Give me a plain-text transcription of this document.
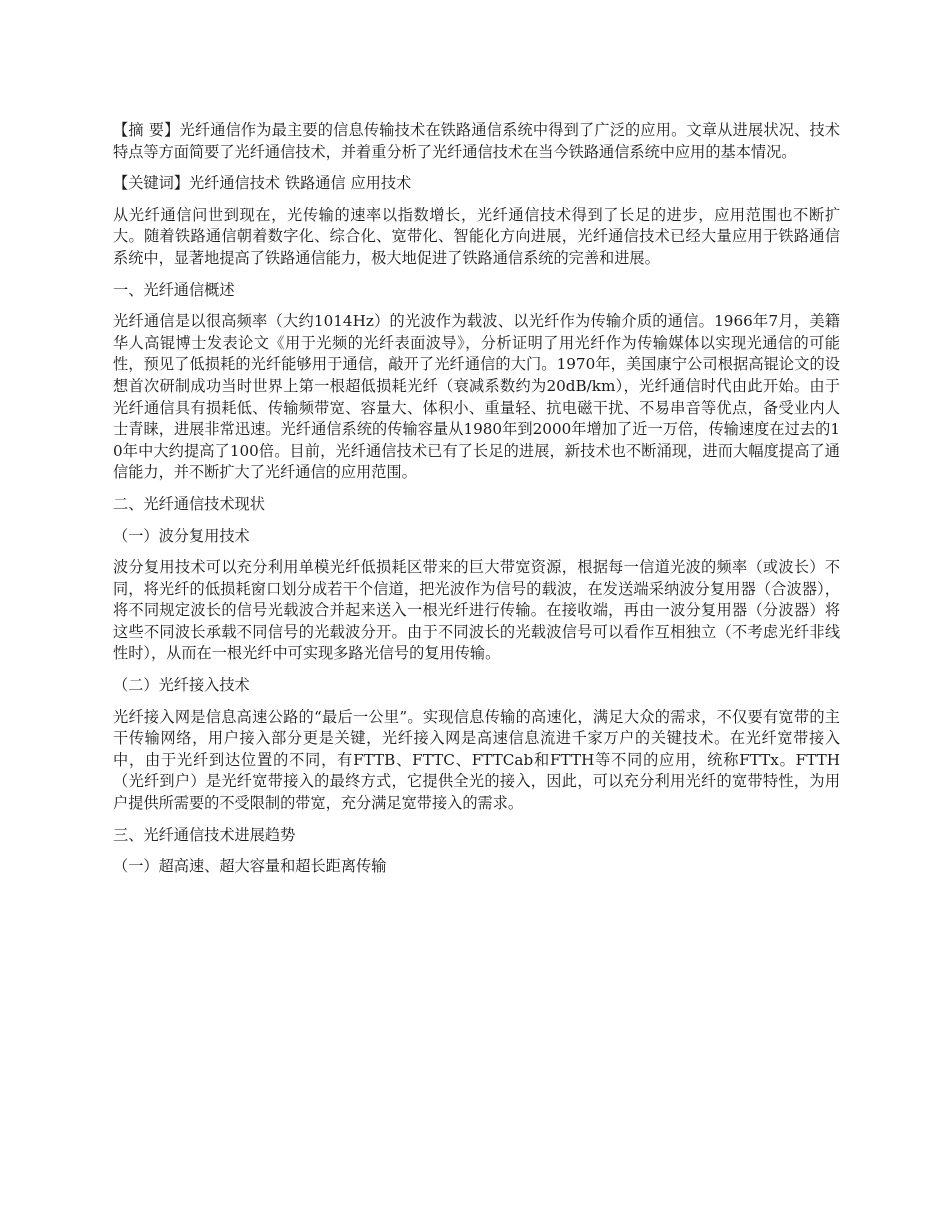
【摘 要】光纤通信作为最主要的信息传输技术在铁路通信系统中得到了广泛的应用。文章从进展状况、技术特点等方面简要了光纤通信技术，并着重分析了光纤通信技术在当今铁路通信系统中应用的基本情况。

【关键词】光纤通信技术 铁路通信 应用技术

从光纤通信问世到现在，光传输的速率以指数增长，光纤通信技术得到了长足的进步，应用范围也不断扩大。随着铁路通信朝着数字化、综合化、宽带化、智能化方向进展，光纤通信技术已经大量应用于铁路通信系统中，显著地提高了铁路通信能力，极大地促进了铁路通信系统的完善和进展。

一、光纤通信概述

光纤通信是以很高频率（大约1014Hz）的光波作为载波、以光纤作为传输介质的通信。1966年7月，美籍华人高锟博士发表论文《用于光频的光纤表面波导》，分析证明了用光纤作为传输媒体以实现光通信的可能性，预见了低损耗的光纤能够用于通信，敲开了光纤通信的大门。1970年，美国康宁公司根据高锟论文的设想首次研制成功当时世界上第一根超低损耗光纤（衰减系数约为20dB/km），光纤通信时代由此开始。由于光纤通信具有损耗低、传输频带宽、容量大、体积小、重量轻、抗电磁干扰、不易串音等优点，备受业内人士青睐，进展非常迅速。光纤通信系统的传输容量从1980年到2000年增加了近一万倍，传输速度在过去的10年中大约提高了100倍。目前，光纤通信技术已有了长足的进展，新技术也不断涌现，进而大幅度提高了通信能力，并不断扩大了光纤通信的应用范围。

二、光纤通信技术现状

（一）波分复用技术

波分复用技术可以充分利用单模光纤低损耗区带来的巨大带宽资源，根据每一信道光波的频率（或波长）不同，将光纤的低损耗窗口划分成若干个信道，把光波作为信号的载波，在发送端采纳波分复用器（合波器），将不同规定波长的信号光载波合并起来送入一根光纤进行传输。在接收端，再由一波分复用器（分波器）将这些不同波长承载不同信号的光载波分开。由于不同波长的光载波信号可以看作互相独立（不考虑光纤非线性时），从而在一根光纤中可实现多路光信号的复用传输。

（二）光纤接入技术

光纤接入网是信息高速公路的“最后一公里”。实现信息传输的高速化，满足大众的需求，不仅要有宽带的主干传输网络，用户接入部分更是关键，光纤接入网是高速信息流进千家万户的关键技术。在光纤宽带接入中，由于光纤到达位置的不同，有FTTB、FTTC、FTTCab和FTTH等不同的应用，统称FTTx。FTTH（光纤到户）是光纤宽带接入的最终方式，它提供全光的接入，因此，可以充分利用光纤的宽带特性，为用户提供所需要的不受限制的带宽，充分满足宽带接入的需求。

三、光纤通信技术进展趋势

（一）超高速、超大容量和超长距离传输
